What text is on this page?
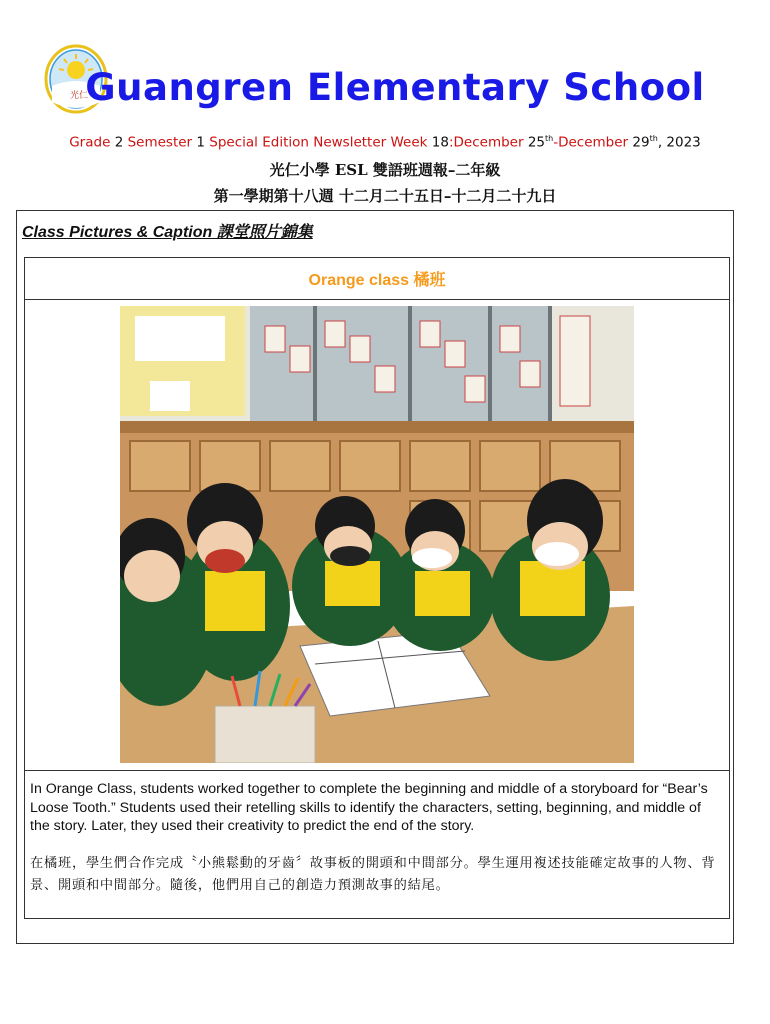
光仁
Guangren Elementary School
Grade 2 Semester 1 Special Edition Newsletter Week 18:December 25th-December 29th, 2023
光仁小學 ESL 雙語班週報–二年級
第一學期第十八週 十二月二十五日–十二月二十九日
Class Pictures & Caption 課堂照片錦集
Orange class 橘班
In Orange Class, students worked together to complete the beginning and middle of a storyboard for “Bear’s Loose Tooth.” Students used their retelling skills to identify the characters, setting, beginning, and middle of the story. Later, they used their creativity to predict the end of the story.
在橘班，學生們合作完成〝小熊鬆動的牙齒〞故事板的開頭和中間部分。學生運用複述技能確定故事的人物、背景、開頭和中間部分。隨後，他們用自己的創造力預測故事的結尾。
